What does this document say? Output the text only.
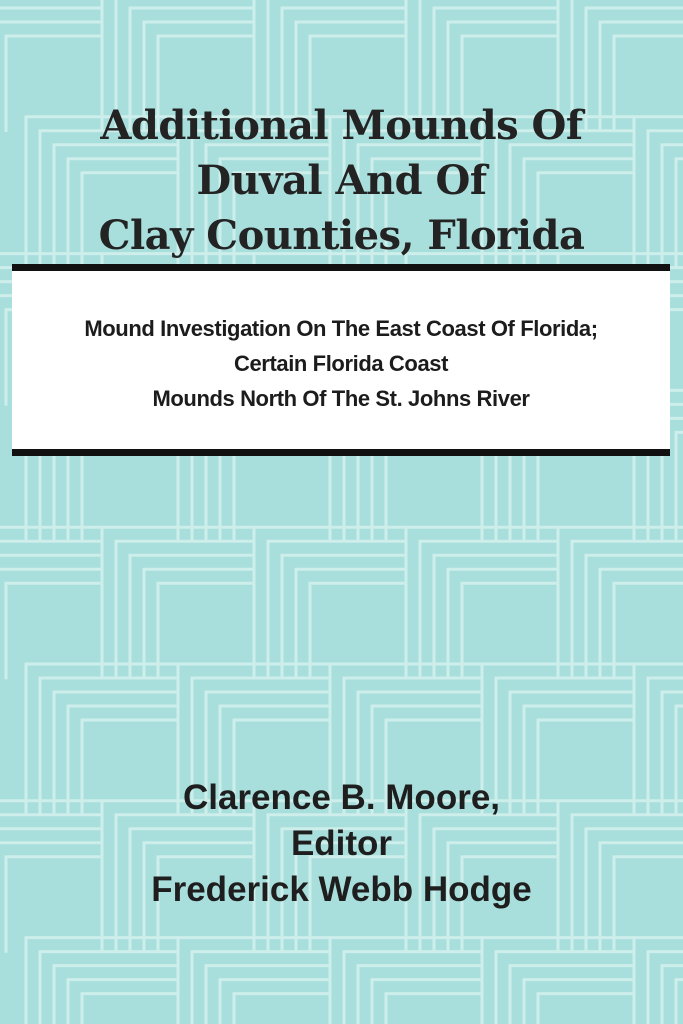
Additional Mounds Of
Duval And Of
Clay Counties, Florida
Mound Investigation On The East Coast Of Florida;
Certain Florida Coast
Mounds North Of The St. Johns River
Clarence B. Moore,
Editor
Frederick Webb Hodge
